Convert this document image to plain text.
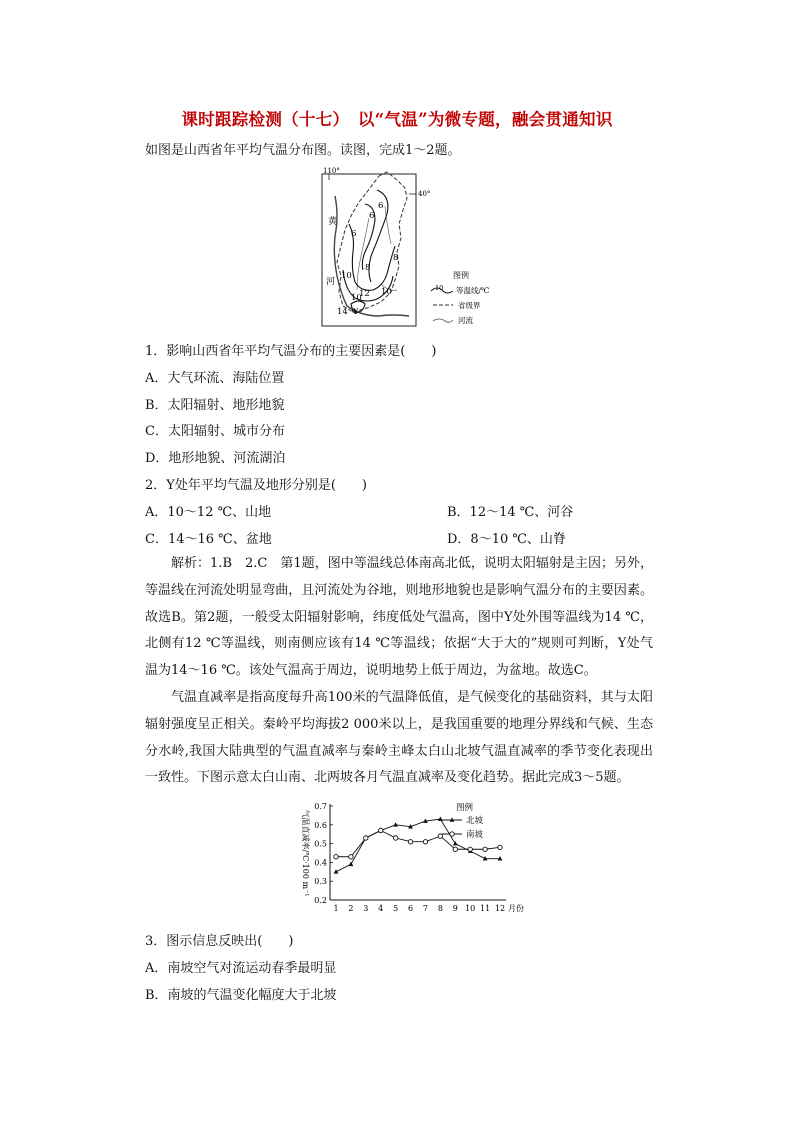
课时跟踪检测（十七）　以“气温”为微专题，融会贯通知识
如图是山西省年平均气温分布图。读图，完成1～2题。
110°
40°
6
6
8
6
8
10
10
10
12
14 Y
黄
河
图例
10 等温线/℃
省级界
河流
1．影响山西省年平均气温分布的主要因素是(　　)
A．大气环流、海陆位置
B．太阳辐射、地形地貌
C．太阳辐射、城市分布
D．地形地貌、河流湖泊
2．Y处年平均气温及地形分别是(　　)
A．10～12 ℃、山地	B．12～14 ℃、河谷
C．14～16 ℃、盆地	D．8～10 ℃、山脊
解析：1.B　2.C　第1题，图中等温线总体南高北低，说明太阳辐射是主因；另外，等温线在河流处明显弯曲，且河流处为谷地，则地形地貌也是影响气温分布的主要因素。故选B。第2题，一般受太阳辐射影响，纬度低处气温高，图中Y处外围等温线为14 ℃，北侧有12 ℃等温线，则南侧应该有14 ℃等温线；依据“大于大的”规则可判断，Y处气温为14～16 ℃。该处气温高于周边，说明地势上低于周边，为盆地。故选C。
气温直减率是指高度每升高100米的气温降低值，是气候变化的基础资料，其与太阳辐射强度呈正相关。秦岭平均海拔2 000米以上，是我国重要的地理分界线和气候、生态分水岭,我国大陆典型的气温直减率与秦岭主峰太白山北坡气温直减率的季节变化表现出一致性。下图示意太白山南、北两坡各月气温直减率及变化趋势。据此完成3～5题。
0.2
0.3
0.4
0.5
0.6
0.7
1 2 3 4 5 6 7 8 9 10 11 12 月份
气温直减率/℃·100 m⁻¹
图例
北坡
南坡
3．图示信息反映出(　　)
A．南坡空气对流运动春季最明显
B．南坡的气温变化幅度大于北坡
